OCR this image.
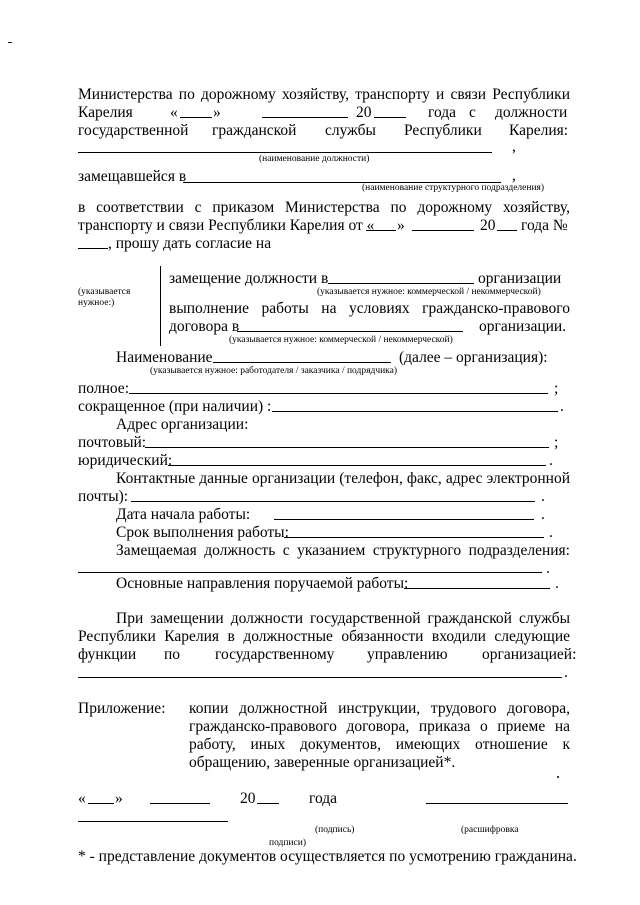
Министерства по дорожному хозяйству, транспорту и связи Республики
Карелия « »	20	года с должности
государственной гражданской службы Республики Карелия:
,
(наименование должности)
замещавшейся в	,
(наименование структурного подразделения)
в соответствии с приказом Министерства по дорожному хозяйству,
транспорту и связи Республики Карелия от « »	20 года №
, прошу дать согласие на
(указывается
нужное:)
замещение должности в	организации
(указывается нужное: коммерческой / некоммерческой)
выполнение работы на условиях гражданско-правового
договора в	организации.
(указывается нужное: коммерческой / некоммерческой)
Наименование	(далее – организация):
(указывается нужное: работодателя / заказчика / подрядчика)
полное:	;
сокращенное (при наличии) :	.
Адрес организации:
почтовый:	;
юридический:	.
Контактные данные организации (телефон, факс, адрес электронной
почты):	.
Дата начала работы:	.
Срок выполнения работы:	.
Замещаемая должность с указанием структурного подразделения:
.
Основные направления поручаемой работы:	.
При замещении должности государственной гражданской службы
Республики Карелия в должностные обязанности входили следующие
функции по государственному управлению организацией:
.
Приложение: копии должностной инструкции, трудового договора,
гражданско-правового договора, приказа о приеме на
работу, иных документов, имеющих отношение к
обращению, заверенные организацией*.
« »	20	года
(подпись)	(расшифровка
подписи)
* - представление документов осуществляется по усмотрению гражданина.
